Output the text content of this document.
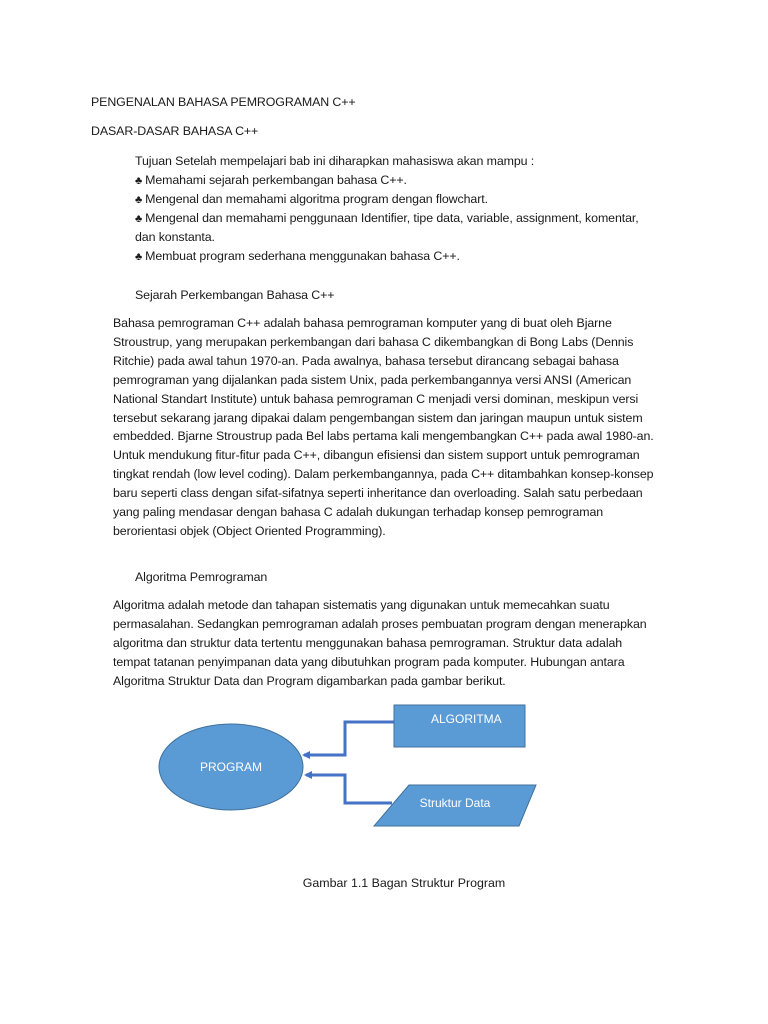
PENGENALAN BAHASA PEMROGRAMAN C++
DASAR-DASAR BAHASA C++
Tujuan Setelah mempelajari bab ini diharapkan mahasiswa akan mampu :
♣ Memahami sejarah perkembangan bahasa C++.
♣ Mengenal dan memahami algoritma program dengan flowchart.
♣ Mengenal dan memahami penggunaan Identifier, tipe data, variable, assignment, komentar,
dan konstanta.
♣ Membuat program sederhana menggunakan bahasa C++.
Sejarah Perkembangan Bahasa C++
Bahasa pemrograman C++ adalah bahasa pemrograman komputer yang di buat oleh Bjarne
Stroustrup, yang merupakan perkembangan dari bahasa C dikembangkan di Bong Labs (Dennis
Ritchie) pada awal tahun 1970-an. Pada awalnya, bahasa tersebut dirancang sebagai bahasa
pemrograman yang dijalankan pada sistem Unix, pada perkembangannya versi ANSI (American
National Standart Institute) untuk bahasa pemrograman C menjadi versi dominan, meskipun versi
tersebut sekarang jarang dipakai dalam pengembangan sistem dan jaringan maupun untuk sistem
embedded. Bjarne Stroustrup pada Bel labs pertama kali mengembangkan C++ pada awal 1980-an.
Untuk mendukung fitur-fitur pada C++, dibangun efisiensi dan sistem support untuk pemrograman
tingkat rendah (low level coding). Dalam perkembangannya, pada C++ ditambahkan konsep-konsep
baru seperti class dengan sifat-sifatnya seperti inheritance dan overloading. Salah satu perbedaan
yang paling mendasar dengan bahasa C adalah dukungan terhadap konsep pemrograman
berorientasi objek (Object Oriented Programming).
Algoritma Pemrograman
Algoritma adalah metode dan tahapan sistematis yang digunakan untuk memecahkan suatu
permasalahan. Sedangkan pemrograman adalah proses pembuatan program dengan menerapkan
algoritma dan struktur data tertentu menggunakan bahasa pemrograman. Struktur data adalah
tempat tatanan penyimpanan data yang dibutuhkan program pada komputer. Hubungan antara
Algoritma Struktur Data dan Program digambarkan pada gambar berikut.
PROGRAM
ALGORITMA
Struktur Data
Gambar 1.1 Bagan Struktur Program
